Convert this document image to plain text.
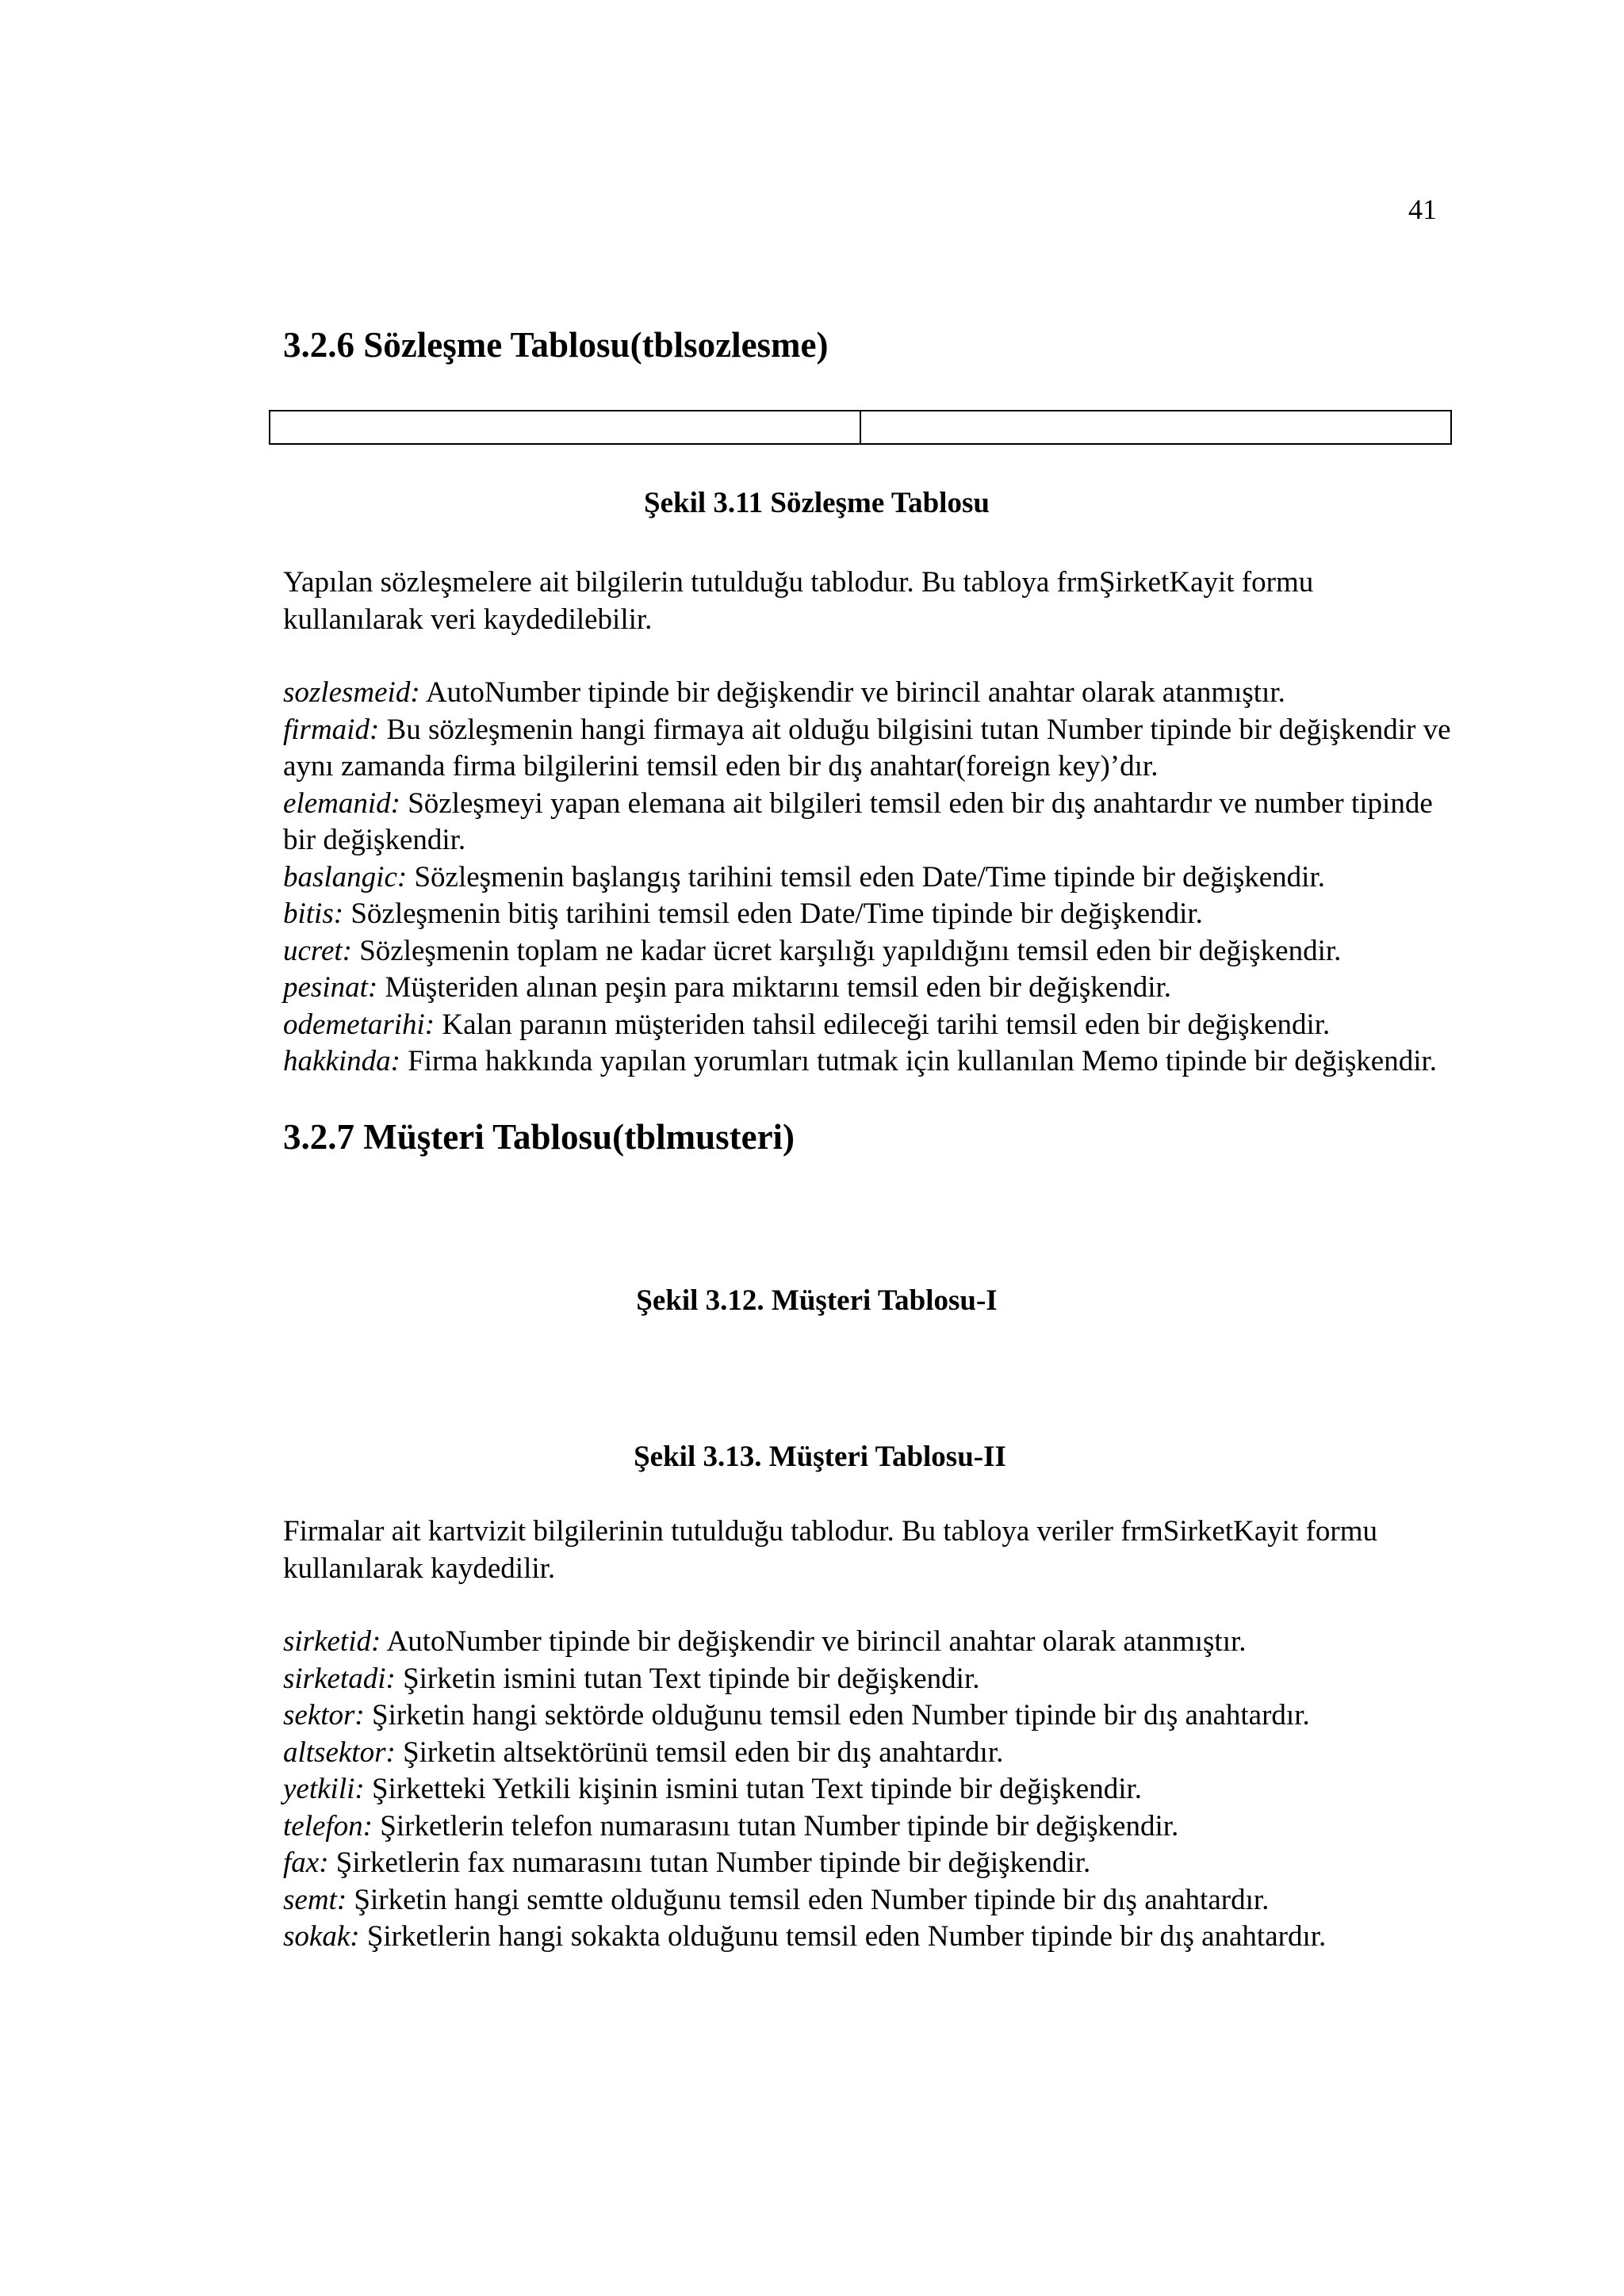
41
3.2.6 Sözleşme Tablosu(tblsozlesme)

Şekil 3.11 Sözleşme Tablosu

Yapılan sözleşmelere ait bilgilerin tutulduğu tablodur. Bu tabloya frmŞirketKayit formu kullanılarak veri kaydedilebilir.

sozlesmeid: AutoNumber tipinde bir değişkendir ve birincil anahtar olarak atanmıştır.

firmaid: Bu sözleşmenin hangi firmaya ait olduğu bilgisini tutan Number tipinde bir değişkendir ve aynı zamanda firma bilgilerini temsil eden bir dış anahtar(foreign key)’dır.

elemanid: Sözleşmeyi yapan elemana ait bilgileri temsil eden bir dış anahtardır ve number tipinde bir değişkendir.

baslangic: Sözleşmenin başlangış tarihini temsil eden Date/Time tipinde bir değişkendir.

bitis: Sözleşmenin bitiş tarihini temsil eden Date/Time tipinde bir değişkendir.

ucret: Sözleşmenin toplam ne kadar ücret karşılığı yapıldığını temsil eden bir değişkendir.

pesinat: Müşteriden alınan peşin para miktarını temsil eden bir değişkendir.

odemetarihi: Kalan paranın müşteriden tahsil edileceği tarihi temsil eden bir değişkendir.

hakkinda: Firma hakkında yapılan yorumları tutmak için kullanılan Memo tipinde bir değişkendir.

3.2.7 Müşteri Tablosu(tblmusteri)
Şekil 3.12. Müşteri Tablosu-I
Şekil 3.13. Müşteri Tablosu-II

Firmalar ait kartvizit bilgilerinin tutulduğu tablodur. Bu tabloya veriler frmSirketKayit formu kullanılarak kaydedilir.

sirketid: AutoNumber tipinde bir değişkendir ve birincil anahtar olarak atanmıştır.

sirketadi: Şirketin ismini tutan Text tipinde bir değişkendir.

sektor: Şirketin hangi sektörde olduğunu temsil eden Number tipinde bir dış anahtardır.

altsektor: Şirketin altsektörünü temsil eden bir dış anahtardır.

yetkili: Şirketteki Yetkili kişinin ismini tutan Text tipinde bir değişkendir.

telefon: Şirketlerin telefon numarasını tutan Number tipinde bir değişkendir.

fax: Şirketlerin fax numarasını tutan Number tipinde bir değişkendir.

semt: Şirketin hangi semtte olduğunu temsil eden Number tipinde bir dış anahtardır.

sokak: Şirketlerin hangi sokakta olduğunu temsil eden Number tipinde bir dış anahtardır.
